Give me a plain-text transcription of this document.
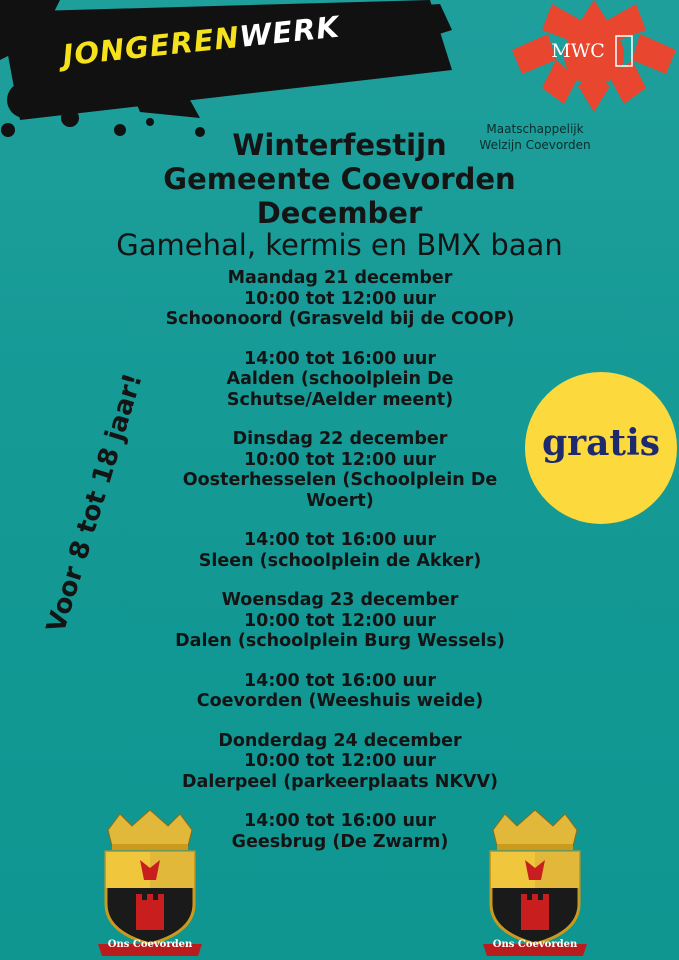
JONGERENWERK	MWC
Maatschappelijk
Welzijn Coevorden
Winterfestijn
Gemeente Coevorden
December
Gamehal, kermis en BMX baan
Maandag 21 december
10:00 tot 12:00 uur
Schoonoord (Grasveld bij de COOP)
14:00 tot 16:00 uur
Aalden (schoolplein De
Schutse/Aelder meent)
Dinsdag 22 december
10:00 tot 12:00 uur
Oosterhesselen (Schoolplein De
Woert)
14:00 tot 16:00 uur
Sleen (schoolplein de Akker)
Woensdag 23 december
10:00 tot 12:00 uur
Dalen (schoolplein Burg Wessels)
14:00 tot 16:00 uur
Coevorden (Weeshuis weide)
Donderdag 24 december
10:00 tot 12:00 uur
Dalerpeel (parkeerplaats NKVV)
14:00 tot 16:00 uur
Geesbrug (De Zwarm)
Voor 8 tot 18 jaar!	gratis
Ons Coevorden	Ons Coevorden
